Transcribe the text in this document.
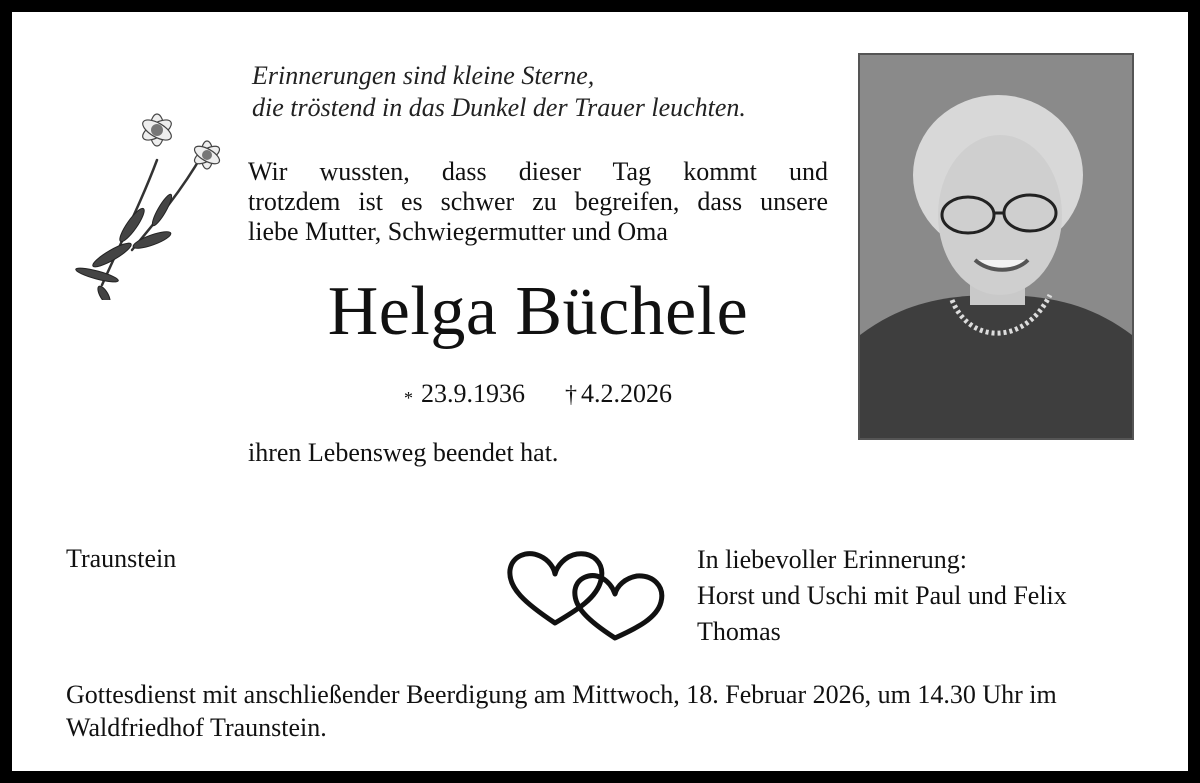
Erinnerungen sind kleine Sterne,
die tröstend in das Dunkel der Trauer leuchten.
Wir wussten, dass dieser Tag kommt und
trotzdem ist es schwer zu begreifen, dass unsere
liebe Mutter, Schwiegermutter und Oma
Helga Büchele
* 23.9.1936 † 4.2.2026
ihren Lebensweg beendet hat.
Traunstein	In liebevoller Erinnerung:
Horst und Uschi mit Paul und Felix
Thomas
Gottesdienst mit anschließender Beerdigung am Mittwoch, 18. Februar 2026, um 14.30 Uhr im
Waldfriedhof Traunstein.
